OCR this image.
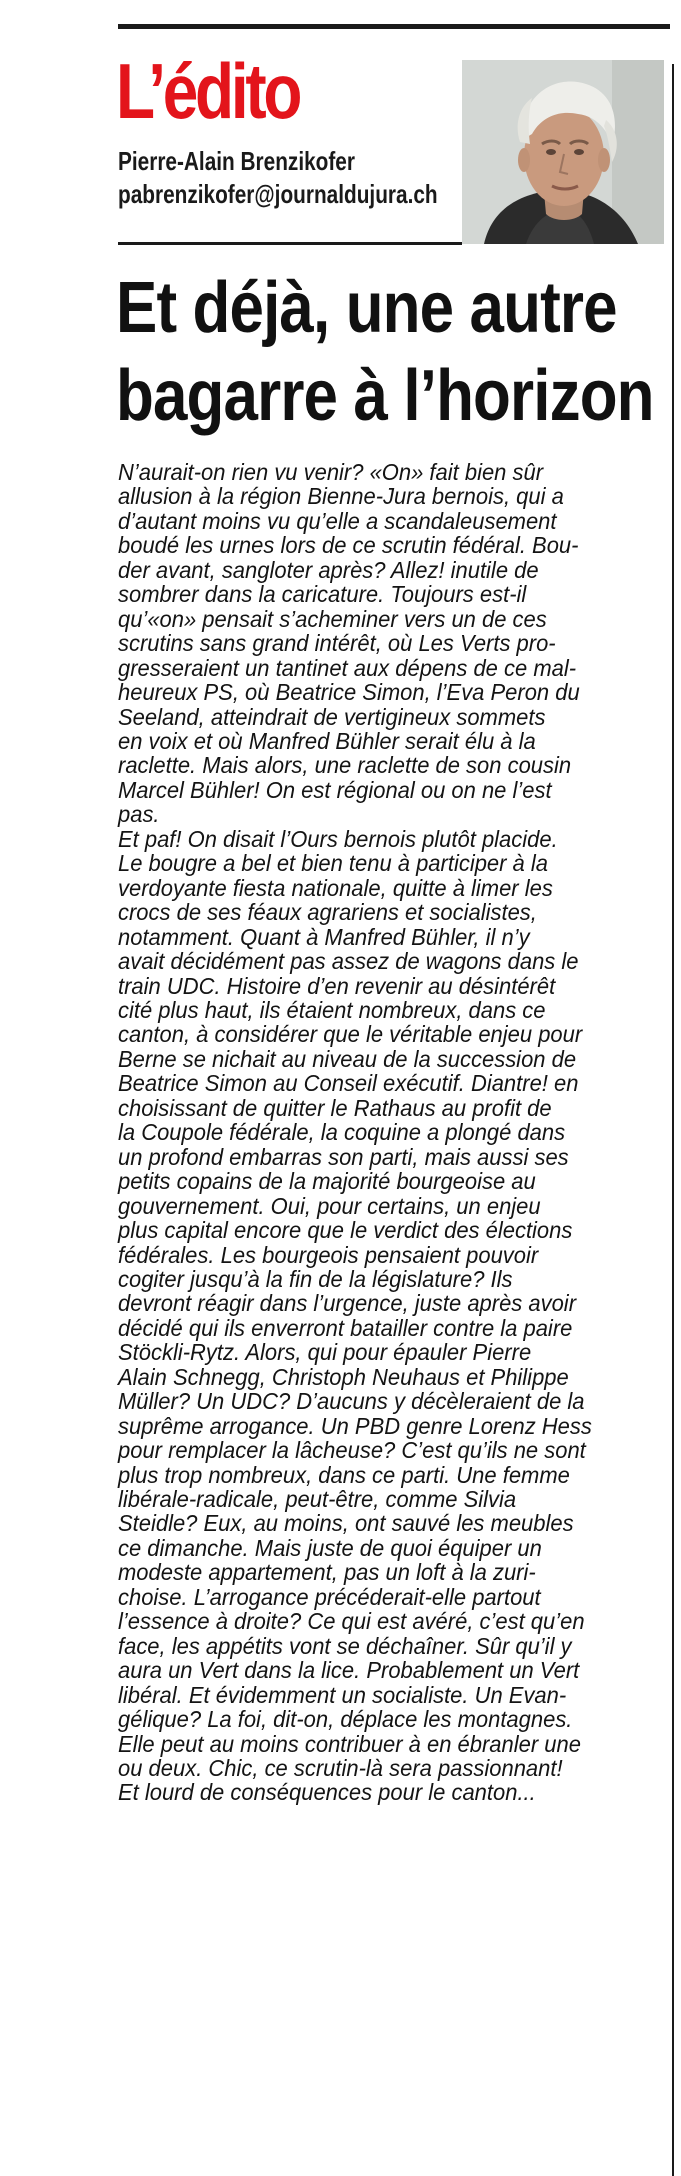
L’édito

Pierre-Alain Brenzikofer

pabrenzikofer@journaldujura.ch

Et déjà, une autre
bagarre à l’horizon
N’aurait-on rien vu venir? «On» fait bien sûr
allusion à la région Bienne-Jura bernois, qui a
d’autant moins vu qu’elle a scandaleusement
boudé les urnes lors de ce scrutin fédéral. Bou-
der avant, sangloter après? Allez! inutile de
sombrer dans la caricature. Toujours est-il
qu’«on» pensait s’acheminer vers un de ces
scrutins sans grand intérêt, où Les Verts pro-
gresseraient un tantinet aux dépens de ce mal-
heureux PS, où Beatrice Simon, l’Eva Peron du
Seeland, atteindrait de vertigineux sommets
en voix et où Manfred Bühler serait élu à la
raclette. Mais alors, une raclette de son cousin
Marcel Bühler! On est régional ou on ne l’est
pas.
Et paf! On disait l’Ours bernois plutôt placide.
Le bougre a bel et bien tenu à participer à la
verdoyante fiesta nationale, quitte à limer les
crocs de ses féaux agrariens et socialistes,
notamment. Quant à Manfred Bühler, il n’y
avait décidément pas assez de wagons dans le
train UDC. Histoire d’en revenir au désintérêt
cité plus haut, ils étaient nombreux, dans ce
canton, à considérer que le véritable enjeu pour
Berne se nichait au niveau de la succession de
Beatrice Simon au Conseil exécutif. Diantre! en
choisissant de quitter le Rathaus au profit de
la Coupole fédérale, la coquine a plongé dans
un profond embarras son parti, mais aussi ses
petits copains de la majorité bourgeoise au
gouvernement. Oui, pour certains, un enjeu
plus capital encore que le verdict des élections
fédérales. Les bourgeois pensaient pouvoir
cogiter jusqu’à la fin de la législature? Ils
devront réagir dans l’urgence, juste après avoir
décidé qui ils enverront batailler contre la paire
Stöckli-Rytz. Alors, qui pour épauler Pierre
Alain Schnegg, Christoph Neuhaus et Philippe
Müller? Un UDC? D’aucuns y décèleraient de la
suprême arrogance. Un PBD genre Lorenz Hess
pour remplacer la lâcheuse? C’est qu’ils ne sont
plus trop nombreux, dans ce parti. Une femme
libérale-radicale, peut-être, comme Silvia
Steidle? Eux, au moins, ont sauvé les meubles
ce dimanche. Mais juste de quoi équiper un
modeste appartement, pas un loft à la zuri-
choise. L’arrogance précéderait-elle partout
l’essence à droite? Ce qui est avéré, c’est qu’en
face, les appétits vont se déchaîner. Sûr qu’il y
aura un Vert dans la lice. Probablement un Vert
libéral. Et évidemment un socialiste. Un Evan-
gélique? La foi, dit-on, déplace les montagnes.
Elle peut au moins contribuer à en ébranler une
ou deux. Chic, ce scrutin-là sera passionnant!
Et lourd de conséquences pour le canton...
